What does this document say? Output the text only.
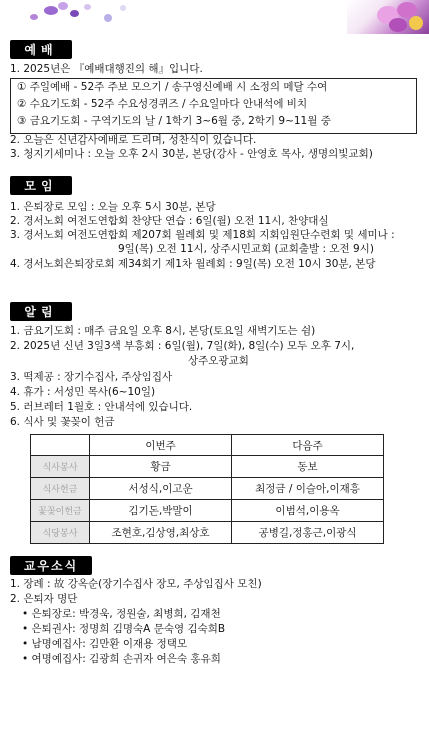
예배
1. 2025년은 『예배대행진의 해』입니다.
① 주일예배 - 52주 주보 모으기 / 송구영신예배 시 소정의 메달 수여
② 수요기도회 - 52주 수요성경퀴즈 / 수요일마다 안내석에 비치
③ 금요기도회 - 구역기도의 날 / 1학기 3~6월 중, 2학기 9~11월 중
2. 오늘은 신년감사예배로 드리며, 성찬식이 있습니다.
3. 청지기세미나 : 오늘 오후 2시 30분, 본당(강사 - 안영호 목사, 생명의빛교회)
모임
1. 은퇴장로 모임 : 오늘 오후 5시 30분, 본당
2. 경서노회 여전도연합회 찬양단 연습 : 6일(월) 오전 11시, 찬양대실
3. 경서노회 여전도연합회 제207회 월례회 및 제18회 지회임원단수련회 및 세미나 :
9일(목) 오전 11시, 상주시민교회 (교회출발 : 오전 9시)
4. 경서노회은퇴장로회 제34회기 제1차 월례회 : 9일(목) 오전 10시 30분, 본당
알림
1. 금요기도회 : 매주 금요일 오후 8시, 본당(토요일 새벽기도는 쉼)
2. 2025년 신년 3일3색 부흥회 : 6일(월), 7일(화), 8일(수) 모두 오후 7시,
상주오광교회
3. 떡제공 : 장기수집사, 주상임집사
4. 휴가 : 서성민 목사(6~10일)
5. 러브레터 1월호 : 안내석에 있습니다.
6. 식사 및 꽃꽂이 헌금
	이번주	다음주
식사봉사	황금	동보
식사헌금	서성식,이고운	최정금 / 이슬아,이재흥
꽃꽂이헌금	김기돈,박말이	이범석,이용옥
식당봉사	조현호,김상영,최상호	공병길,정홍근,이광식
교우소식
1. 장례 : 故 강옥순(장기수집사 장모, 주상임집사 모친)
2. 은퇴자 명단
• 은퇴장로: 박경욱, 정원술, 최병희, 김재천
• 은퇴권사: 정명희 김명숙A 문숙영 김숙희B
• 남명예집사: 김만환 이재용 정택모
• 여명예집사: 김광희 손귀자 여은숙 홍유희
